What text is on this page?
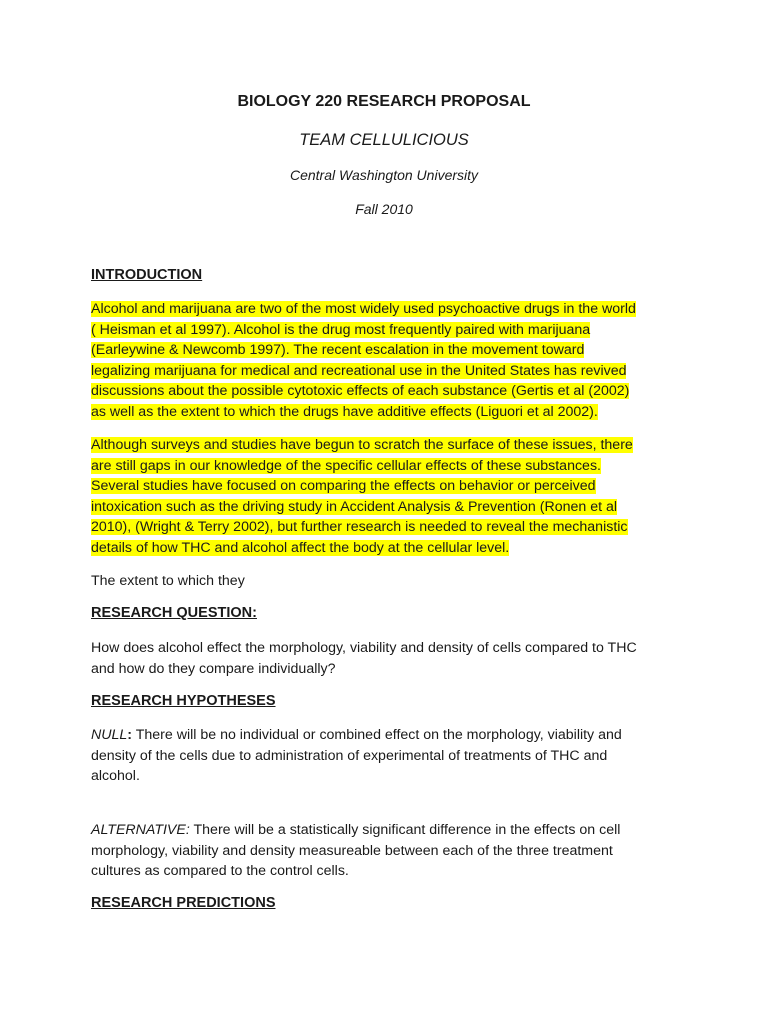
BIOLOGY 220 RESEARCH PROPOSAL
TEAM CELLULICIOUS
Central Washington University
Fall 2010
INTRODUCTION
Alcohol and marijuana are two of the most widely used psychoactive drugs in the world
( Heisman et al 1997). Alcohol is the drug most frequently paired with marijuana
(Earleywine & Newcomb 1997). The recent escalation in the movement toward
legalizing marijuana for medical and recreational use in the United States has revived
discussions about the possible cytotoxic effects of each substance (Gertis et al (2002)
as well as the extent to which the drugs have additive effects (Liguori et al 2002).
Although surveys and studies have begun to scratch the surface of these issues, there
are still gaps in our knowledge of the specific cellular effects of these substances.
Several studies have focused on comparing the effects on behavior or perceived
intoxication such as the driving study in Accident Analysis & Prevention (Ronen et al
2010), (Wright & Terry 2002), but further research is needed to reveal the mechanistic
details of how THC and alcohol affect the body at the cellular level.
The extent to which they
RESEARCH QUESTION:
How does alcohol effect the morphology, viability and density of cells compared to THC
and how do they compare individually?
RESEARCH HYPOTHESES
NULL: There will be no individual or combined effect on the morphology, viability and
density of the cells due to administration of experimental of treatments of THC and
alcohol.
ALTERNATIVE: There will be a statistically significant difference in the effects on cell
morphology, viability and density measureable between each of the three treatment
cultures as compared to the control cells.
RESEARCH PREDICTIONS
